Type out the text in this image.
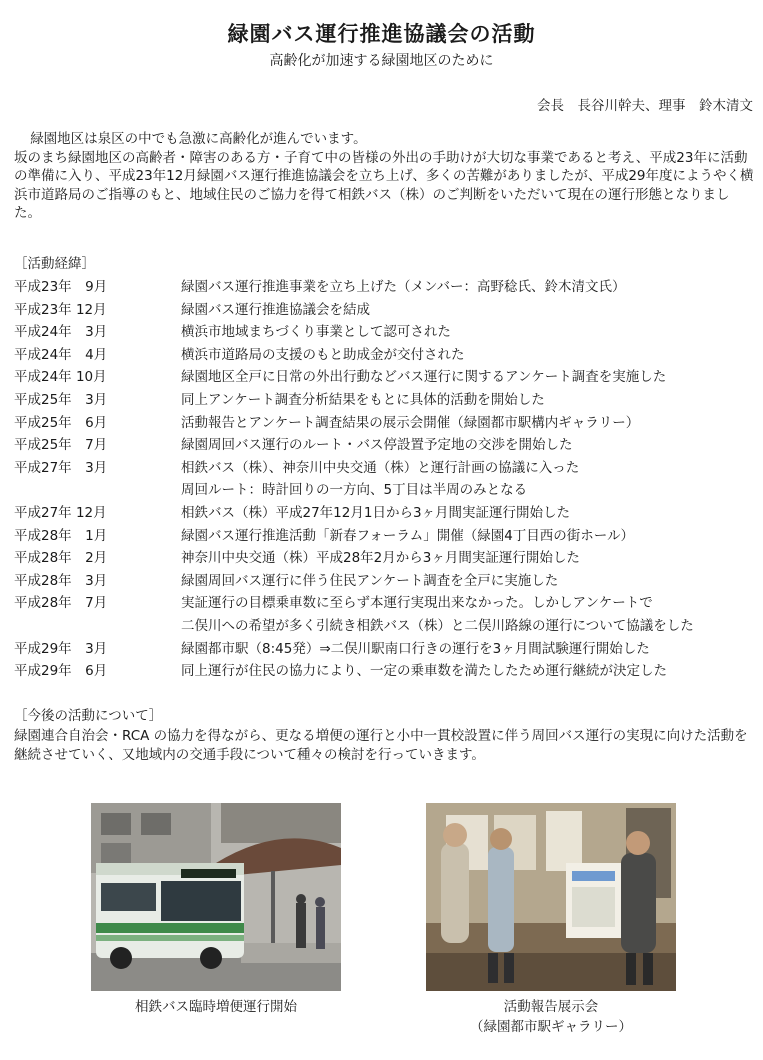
緑園バス運行推進協議会の活動
高齢化が加速する緑園地区のために
会長　長谷川幹夫、理事　鈴木清文

緑園地区は泉区の中でも急激に高齢化が進んでいます。

坂のまち緑園地区の高齢者・障害のある方・子育て中の皆様の外出の手助けが大切な事業であると考え、平成23年に活動の準備に入り、平成23年12月緑園バス運行推進協議会を立ち上げ、多くの苦難がありましたが、平成29年度にようやく横浜市道路局のご指導のもと、地域住民のご協力を得て相鉄バス（株）のご判断をいただいて現在の運行形態となりました。

［活動経緯］
平成23年　9月	緑園バス運行推進事業を立ち上げた（メンバー：高野稔氏、鈴木清文氏）
平成23年 12月	緑園バス運行推進協議会を結成
平成24年　3月	横浜市地域まちづくり事業として認可された
平成24年　4月	横浜市道路局の支援のもと助成金が交付された
平成24年 10月	緑園地区全戸に日常の外出行動などバス運行に関するアンケート調査を実施した
平成25年　3月	同上アンケート調査分析結果をもとに具体的活動を開始した
平成25年　6月	活動報告とアンケート調査結果の展示会開催（緑園都市駅構内ギャラリー）
平成25年　7月	緑園周回バス運行のルート・バス停設置予定地の交渉を開始した
平成27年　3月	相鉄バス（株）、神奈川中央交通（株）と運行計画の協議に入った
周回ルート：時計回りの一方向、5丁目は半周のみとなる
平成27年 12月	相鉄バス（株）平成27年12月1日から3ヶ月間実証運行開始した
平成28年　1月	緑園バス運行推進活動「新春フォーラム」開催（緑園4丁目西の街ホール）
平成28年　2月	神奈川中央交通（株）平成28年2月から3ヶ月間実証運行開始した
平成28年　3月	緑園周回バス運行に伴う住民アンケート調査を全戸に実施した
平成28年　7月	実証運行の目標乗車数に至らず本運行実現出来なかった。しかしアンケートで
二俣川への希望が多く引続き相鉄バス（株）と二俣川路線の運行について協議をした
平成29年　3月	緑園都市駅（8:45発）⇒二俣川駅南口行きの運行を3ヶ月間試験運行開始した
平成29年　6月	同上運行が住民の協力により、一定の乗車数を満たしたため運行継続が決定した
［今後の活動について］
緑園連合自治会・RCA の協力を得ながら、更なる増便の運行と小中一貫校設置に伴う周回バス運行の実現に向けた活動を継続させていく、又地域内の交通手段について種々の検討を行っていきます。
相鉄バス臨時増便運行開始	活動報告展示会
（緑園都市駅ギャラリー）
